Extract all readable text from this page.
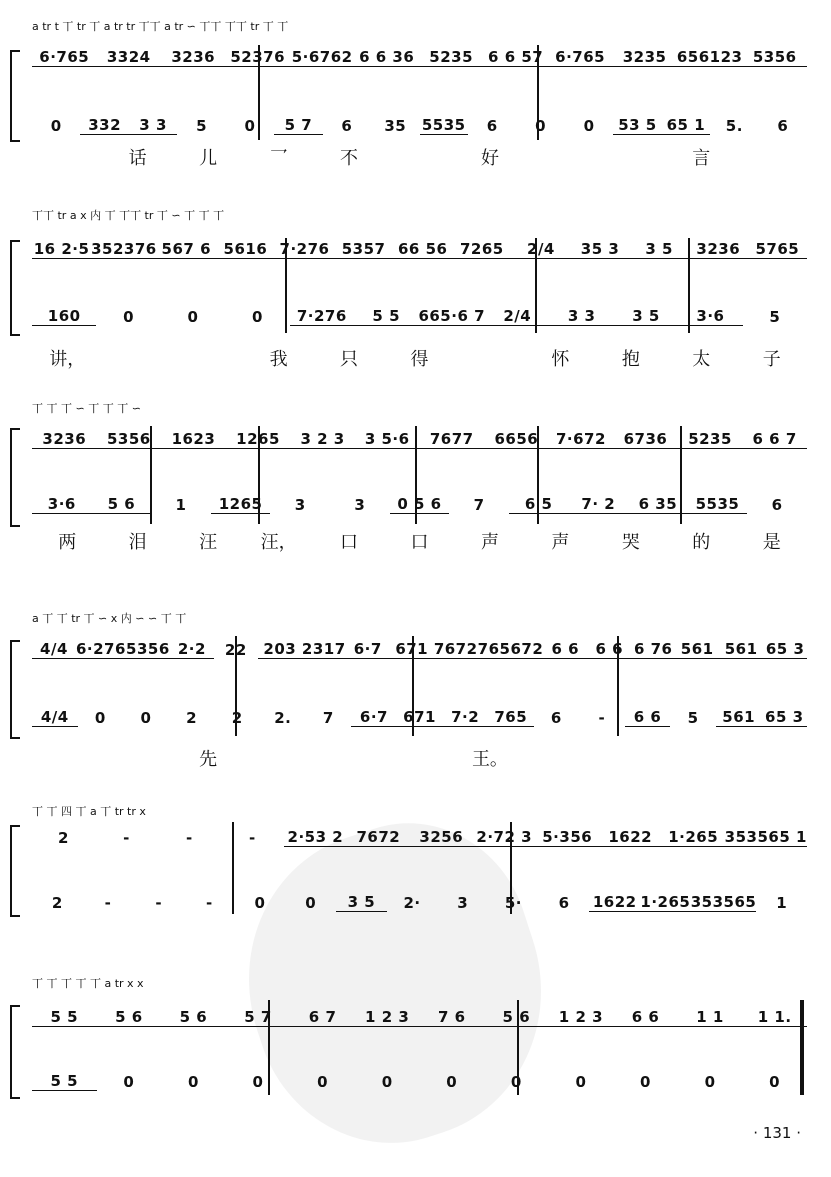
a tr t 丅 tr 丅 a tr tr 丅丅 a tr ∽ 丅丅 丅丅 tr 丅 丅
6·765	3324	3236	52376 5·6762 6 6 36	5235	6 6 57 6·765	3235 656123 5356
0	332	3 3	5	0	5 7	6	35	5535	6	0	0	53 5 65 1	5.	6
话	儿	乛	不	好	言
丅丅 tr a x 内 丅 丅丅 tr 丅 ∽ 丅 丅 丅
16 2·5 352376 567 6 5616 7·276 5357 66 56 7265	2/4	35 3	3 5	3236	5765
160	0	0	0	7·276	5 5	665·6 7	2/4	3 3	3 5	3·6	5
讲，	我	只	得	怀	抱	太	子
丅 丅 丅 ∽ 丅 丅 丅 ∽
3236	5356	1623	1265	3 2 3	3 5·6	7677	6656	7·672	6736	5235	6 6 7
3·6	5 6	1	1265	3	3	0 5 6	7	6 5	7· 2	6 35	5535	6
两	泪	汪	汪，	口	口	声	声	哭	的	是
a 丅 丅 tr 丅 ∽ x 内 ∽ ∽ 丅 丅
4/4 6·276 5356 2·2	22	203 2317 6·7 671 7672 765672 6 6	6 6 6 76 561 561 65 3
4/4	0	0	2	2	2.	7	6·7	671	7·2	765	6	-	6 6	5	561 65 3
先	王。
丅 丅 四 丅 a 丅 tr tr x
2	-	-	-	2·53 2 7672	3256 2·72 3 5·356	1622	1·265 353565 1
2	-	-	-	0	0	3 5	2·	3	5·	6	1622 1·265 353565	1
丅 丅 丅 丅 丅 a tr x x
5 5	5 6	5 6	5 7	6 7	1 2 3	7 6	5 6	1 2 3	6 6	1 1	1 1.
5 5	0	0	0	0	0	0	0	0	0	0	0
· 131 ·
